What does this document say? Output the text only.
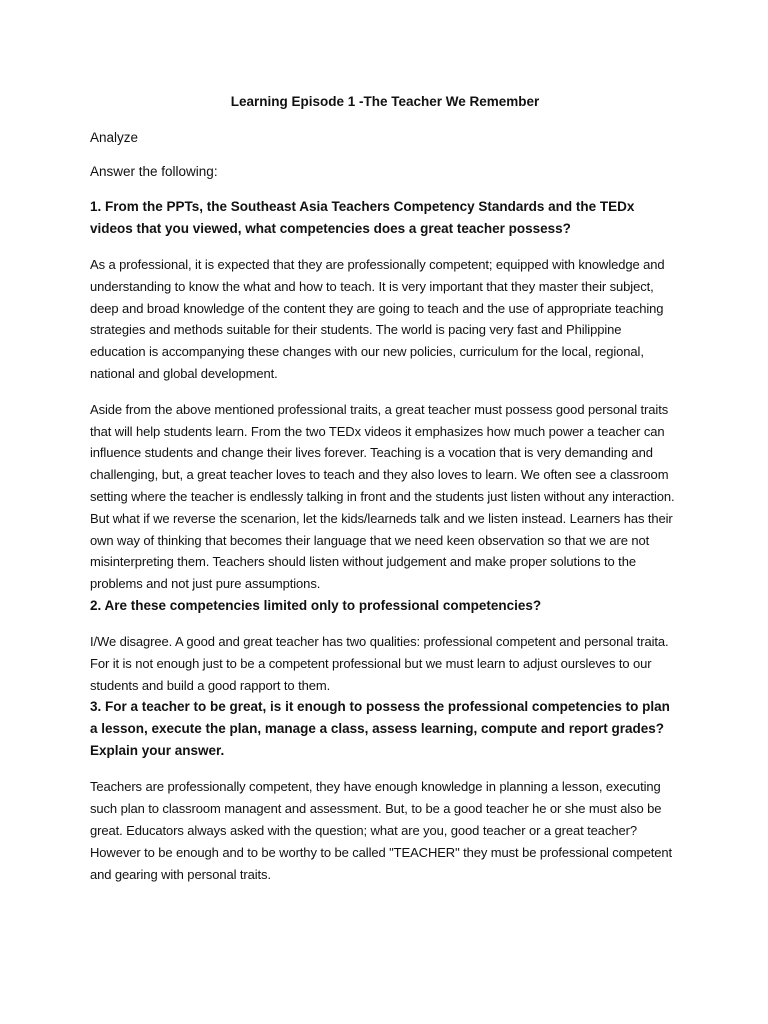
Learning Episode 1 -The Teacher We Remember
Analyze
Answer the following:
1. From the PPTs, the Southeast Asia Teachers Competency Standards and the TEDx videos that you viewed, what competencies does a great teacher possess?
As a professional, it is expected that they are professionally competent; equipped with knowledge and understanding to know the what and how to teach. It is very important that they master their subject, deep and broad knowledge of the content they are going to teach and the use of appropriate teaching strategies and methods suitable for their students. The world is pacing very fast and Philippine education is accompanying these changes with our new policies, curriculum for the local, regional, national and global development.
Aside from the above mentioned professional traits, a great teacher must possess good personal traits that will help students learn. From the two TEDx videos it emphasizes how much power a teacher can influence students and change their lives forever. Teaching is a vocation that is very demanding and challenging, but, a great teacher loves to teach and they also loves to learn. We often see a classroom setting where the teacher is endlessly talking in front and the students just listen without any interaction. But what if we reverse the scenarion, let the kids/learneds talk and we listen instead. Learners has their own way of thinking that becomes their language that we need keen observation so that we are not misinterpreting them. Teachers should listen without judgement and make proper solutions to the problems and not just pure assumptions.
2. Are these competencies limited only to professional competencies?
I/We disagree. A good and great teacher has two qualities: professional competent and personal traita. For it is not enough just to be a competent professional but we must learn to adjust oursleves to our students and build a good rapport to them.
3. For a teacher to be great, is it enough to possess the professional competencies to plan a lesson, execute the plan, manage a class, assess learning, compute and report grades? Explain your answer.
Teachers are professionally competent, they have enough knowledge in planning a lesson, executing such plan to classroom managent and assessment. But, to be a good teacher he or she must also be great. Educators always asked with the question; what are you, good teacher or a great teacher? However to be enough and to be worthy to be called "TEACHER" they must be professional competent and gearing with personal traits.
